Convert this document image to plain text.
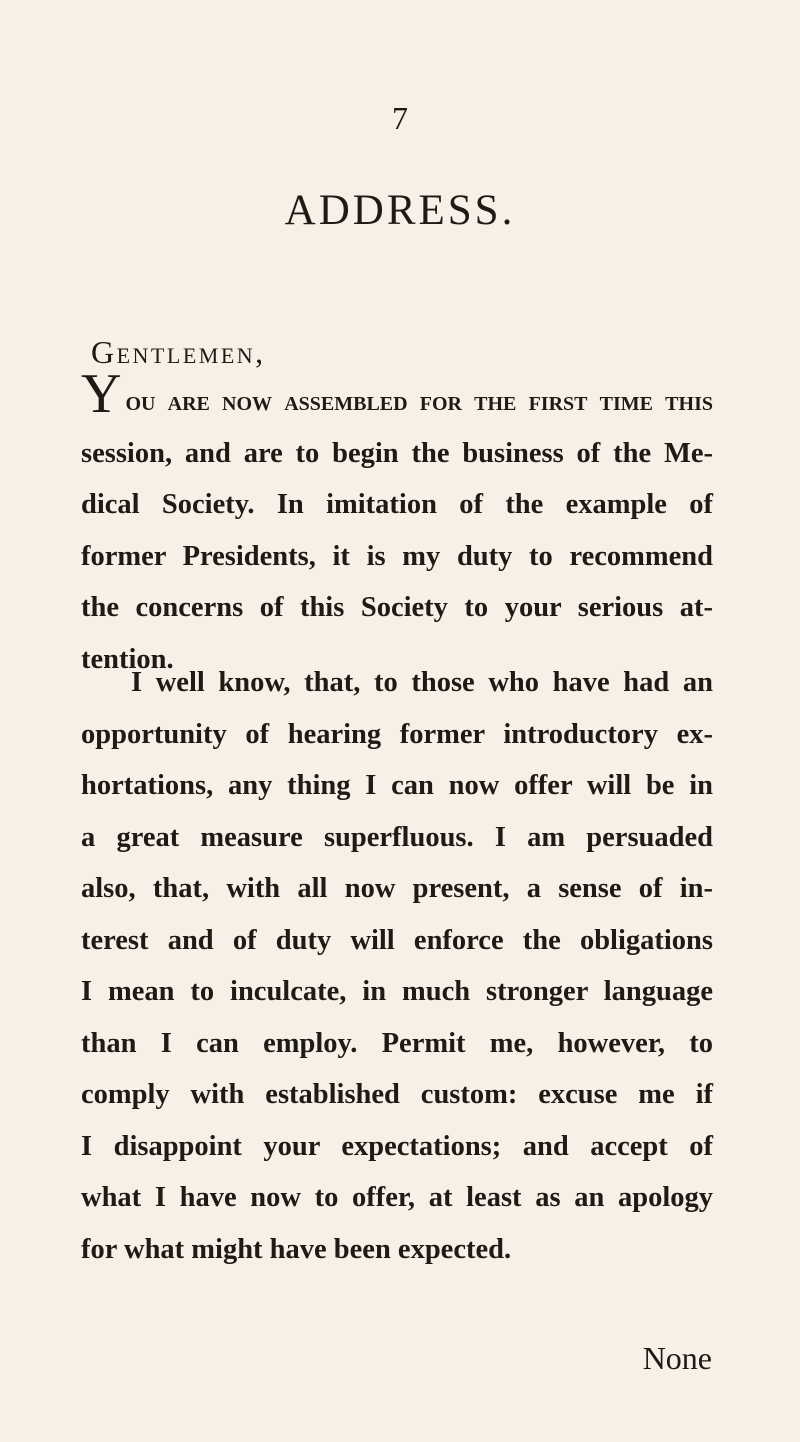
7
ADDRESS.
Gentlemen,
You are now assembled for the first time this
session, and are to begin the business of the Me-
dical Society. In imitation of the example of
former Presidents, it is my duty to recommend
the concerns of this Society to your serious at-
tention.
I well know, that, to those who have had an
opportunity of hearing former introductory ex-
hortations, any thing I can now offer will be in
a great measure superfluous. I am persuaded
also, that, with all now present, a sense of in-
terest and of duty will enforce the obligations
I mean to inculcate, in much stronger language
than I can employ. Permit me, however, to
comply with established custom: excuse me if
I disappoint your expectations; and accept of
what I have now to offer, at least as an apology
for what might have been expected.
None
